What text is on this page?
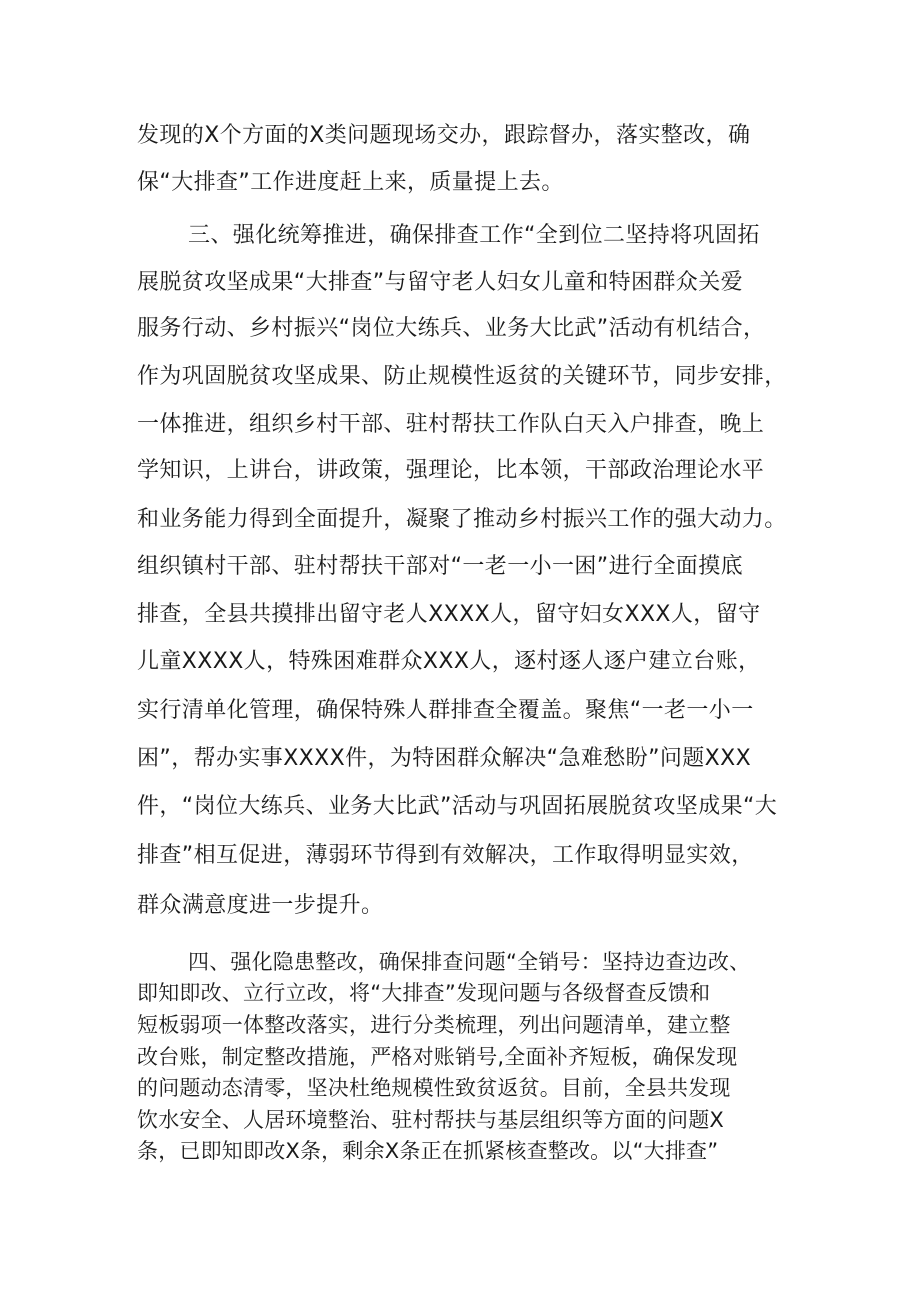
发现的X个方面的X类问题现场交办，跟踪督办，落实整改，确
保“大排查”工作进度赶上来，质量提上去。
三、强化统筹推进，确保排查工作“全到位二坚持将巩固拓
展脱贫攻坚成果“大排查”与留守老人妇女儿童和特困群众关爱
服务行动、乡村振兴“岗位大练兵、业务大比武”活动有机结合，
作为巩固脱贫攻坚成果、防止规模性返贫的关键环节，同步安排，
一体推进，组织乡村干部、驻村帮扶工作队白天入户排查，晚上
学知识，上讲台，讲政策，强理论，比本领，干部政治理论水平
和业务能力得到全面提升，凝聚了推动乡村振兴工作的强大动力。
组织镇村干部、驻村帮扶干部对“一老一小一困”进行全面摸底
排查，全县共摸排出留守老人XXXX人，留守妇女XXX人，留守
儿童XXXX人，特殊困难群众XXX人，逐村逐人逐户建立台账，
实行清单化管理，确保特殊人群排查全覆盖。聚焦“一老一小一
困”，帮办实事XXXX件，为特困群众解决“急难愁盼”问题XXX
件，“岗位大练兵、业务大比武”活动与巩固拓展脱贫攻坚成果“大
排查”相互促进，薄弱环节得到有效解决，工作取得明显实效，
群众满意度进一步提升。
四、强化隐患整改，确保排查问题“全销号：坚持边查边改、
即知即改、立行立改，将“大排查”发现问题与各级督查反馈和
短板弱项一体整改落实，进行分类梳理，列出问题清单，建立整
改台账，制定整改措施，严格对账销号,全面补齐短板，确保发现
的问题动态清零，坚决杜绝规模性致贫返贫。目前，全县共发现
饮水安全、人居环境整治、驻村帮扶与基层组织等方面的问题X
条，已即知即改X条，剩余X条正在抓紧核查整改。以“大排查”
